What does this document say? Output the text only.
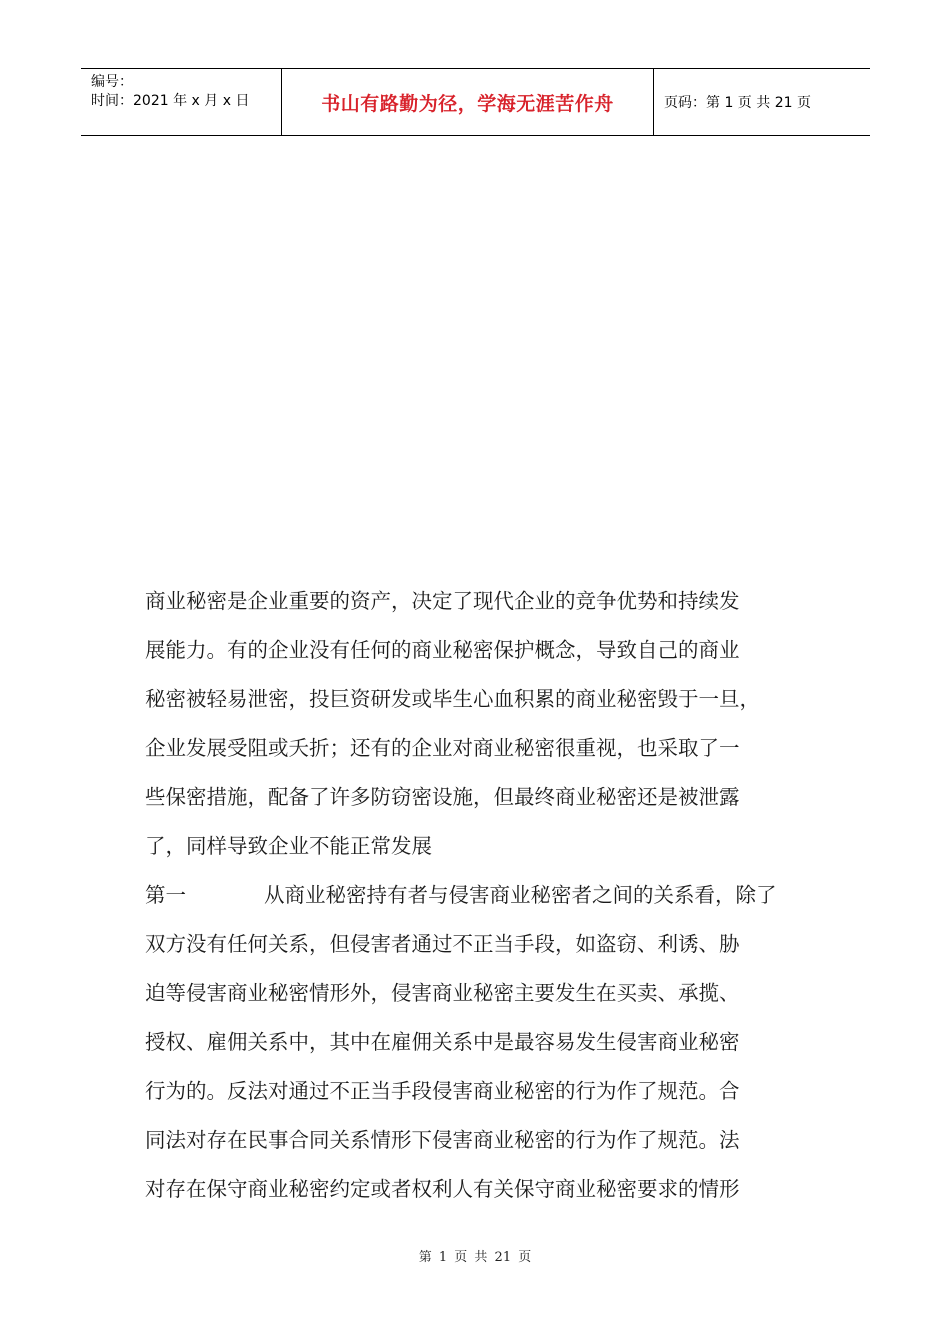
编号：
时间：2021 年 x 月 x 日	书山有路勤为径，学海无涯苦作舟	页码：第 1 页 共 21 页

商业秘密是企业重要的资产，决定了现代企业的竞争优势和持续发
展能力。有的企业没有任何的商业秘密保护概念，导致自己的商业
秘密被轻易泄密，投巨资研发或毕生心血积累的商业秘密毁于一旦，
企业发展受阻或夭折；还有的企业对商业秘密很重视，也采取了一
些保密措施，配备了许多防窃密设施，但最终商业秘密还是被泄露
了，同样导致企业不能正常发展

第一	从商业秘密持有者与侵害商业秘密者之间的关系看，除了
双方没有任何关系，但侵害者通过不正当手段，如盗窃、利诱、胁
迫等侵害商业秘密情形外，侵害商业秘密主要发生在买卖、承揽、
授权、雇佣关系中，其中在雇佣关系中是最容易发生侵害商业秘密
行为的。反法对通过不正当手段侵害商业秘密的行为作了规范。合
同法对存在民事合同关系情形下侵害商业秘密的行为作了规范。法
对存在保守商业秘密约定或者权利人有关保守商业秘密要求的情形

第 1 页 共 21 页
